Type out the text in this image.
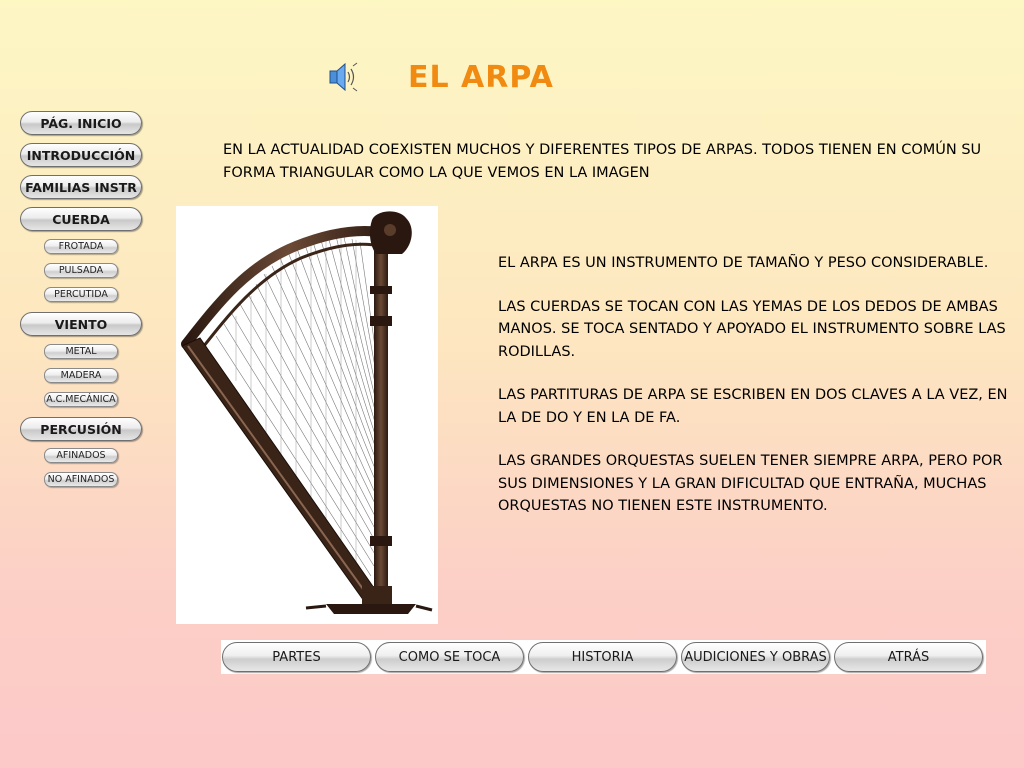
EL ARPA
PÁG. INICIO
INTRODUCCIÓN
FAMILIAS INSTR
CUERDA
FROTADA
PULSADA
PERCUTIDA
VIENTO
METAL
MADERA
A.C.MECÁNICA
PERCUSIÓN
AFINADOS
NO AFINADOS
EN LA ACTUALIDAD COEXISTEN MUCHOS Y DIFERENTES TIPOS DE ARPAS. TODOS TIENEN EN COMÚN SU FORMA TRIANGULAR COMO LA QUE VEMOS EN LA IMAGEN

EL ARPA ES UN INSTRUMENTO DE TAMAÑO Y PESO CONSIDERABLE.

LAS CUERDAS SE TOCAN CON LAS YEMAS DE LOS DEDOS DE AMBAS MANOS. SE TOCA SENTADO Y APOYADO EL INSTRUMENTO SOBRE LAS RODILLAS.

LAS PARTITURAS DE ARPA SE ESCRIBEN EN DOS CLAVES A LA VEZ, EN LA DE DO Y EN LA DE FA.

LAS GRANDES ORQUESTAS SUELEN TENER SIEMPRE ARPA, PERO POR SUS DIMENSIONES Y LA GRAN DIFICULTAD QUE ENTRAÑA, MUCHAS ORQUESTAS NO TIENEN ESTE INSTRUMENTO.

PARTES	COMO SE TOCA	HISTORIA	AUDICIONES Y OBRAS	ATRÁS
